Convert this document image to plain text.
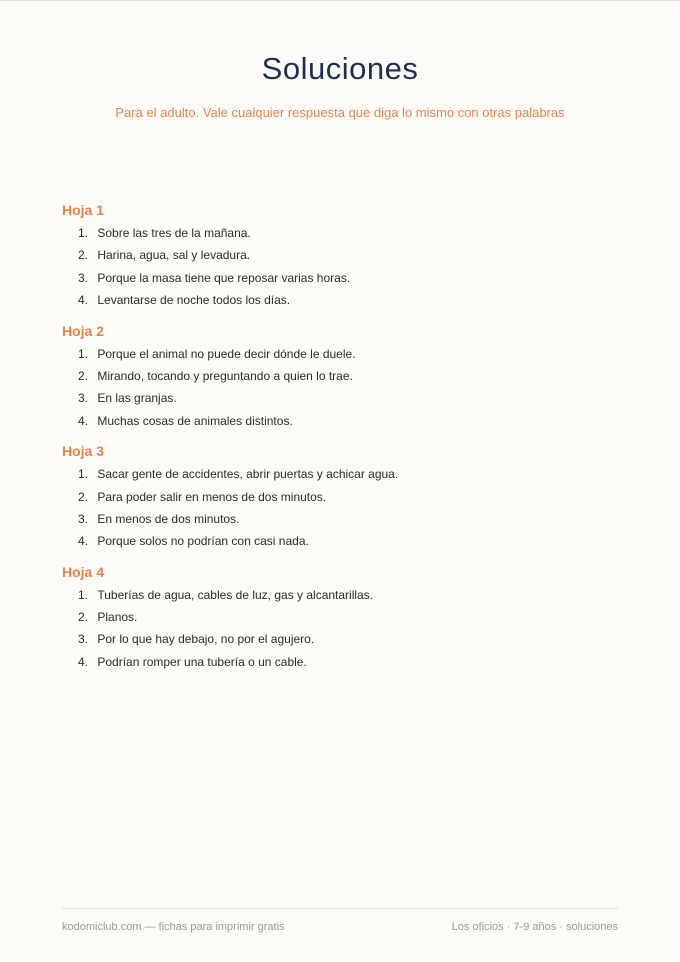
Soluciones
Para el adulto. Vale cualquier respuesta que diga lo mismo con otras palabras
Hoja 1
1. Sobre las tres de la mañana.
2. Harina, agua, sal y levadura.
3. Porque la masa tiene que reposar varias horas.
4. Levantarse de noche todos los días.
Hoja 2
1. Porque el animal no puede decir dónde le duele.
2. Mirando, tocando y preguntando a quien lo trae.
3. En las granjas.
4. Muchas cosas de animales distintos.
Hoja 3
1. Sacar gente de accidentes, abrir puertas y achicar agua.
2. Para poder salir en menos de dos minutos.
3. En menos de dos minutos.
4. Porque solos no podrían con casi nada.
Hoja 4
1. Tuberías de agua, cables de luz, gas y alcantarillas.
2. Planos.
3. Por lo que hay debajo, no por el agujero.
4. Podrían romper una tubería o un cable.
kodomiclub.com — fichas para imprimir gratis	Los oficios · 7-9 años · soluciones
